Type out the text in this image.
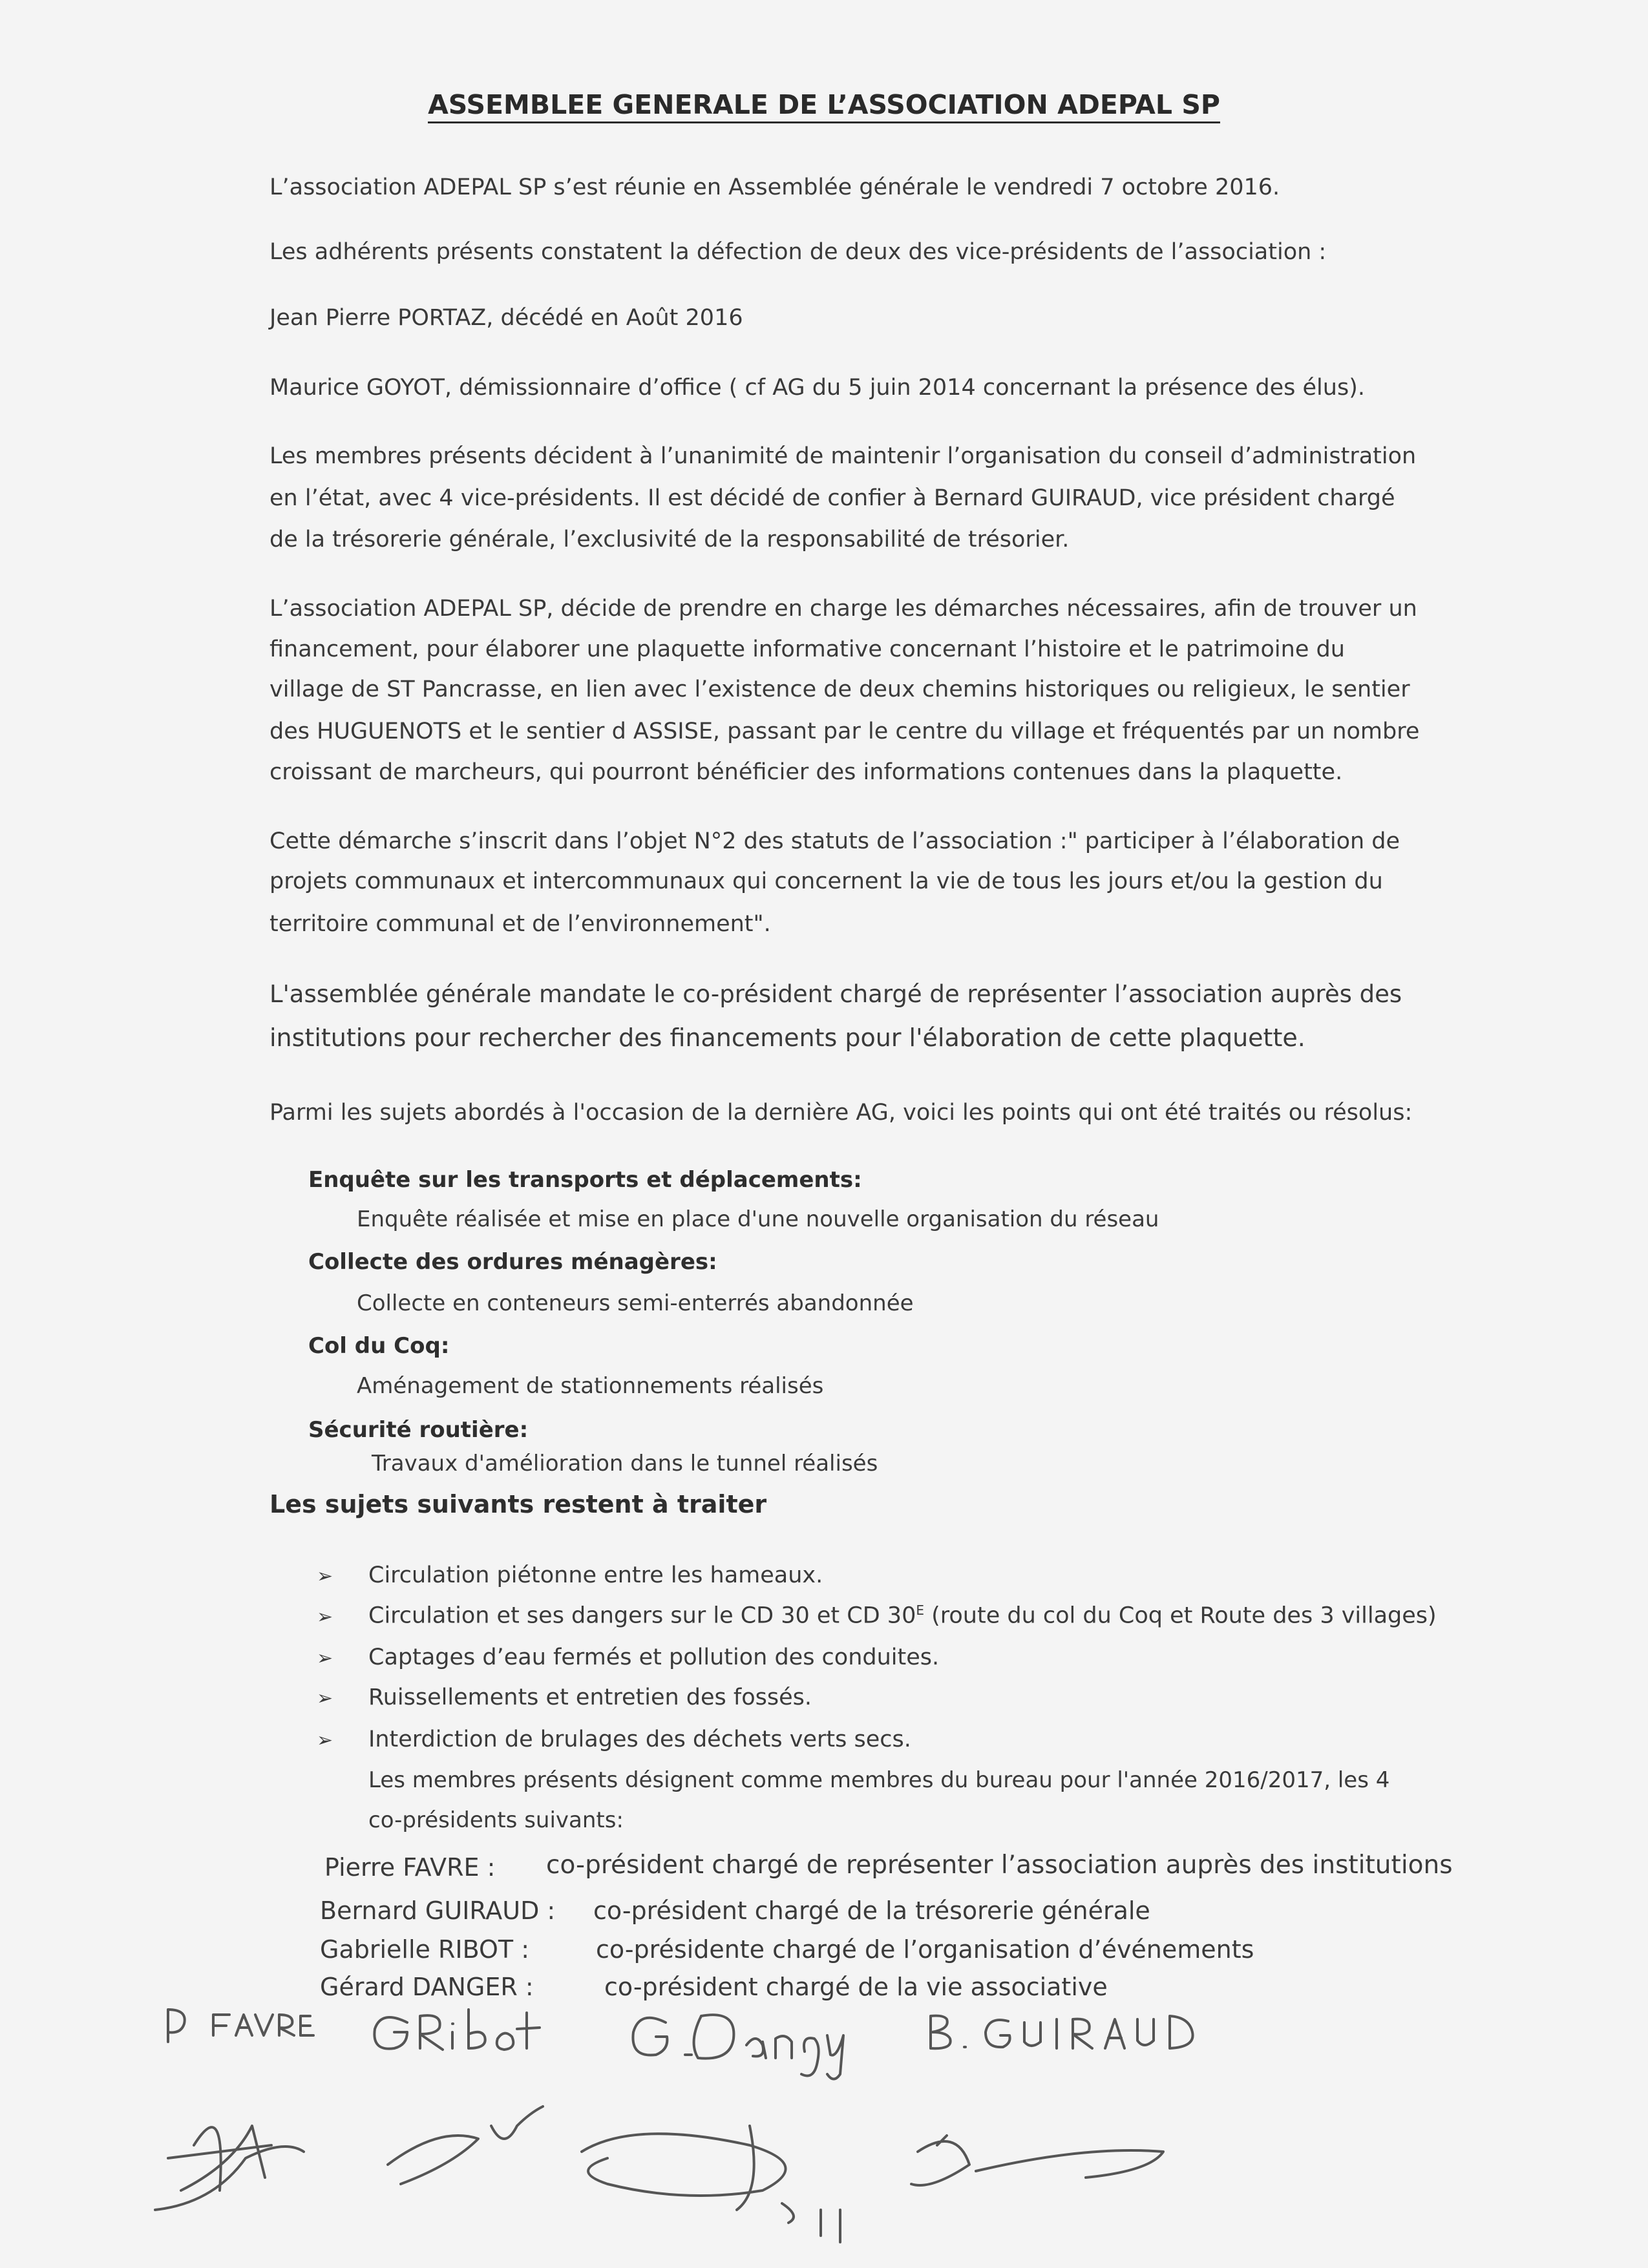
ASSEMBLEE GENERALE DE L’ASSOCIATION ADEPAL SP
L’association ADEPAL SP s’est réunie en Assemblée générale le vendredi 7 octobre 2016.
Les adhérents présents constatent la défection de deux des vice-présidents de l’association :
Jean Pierre PORTAZ, décédé en Août 2016
Maurice GOYOT, démissionnaire d’office ( cf AG du 5 juin 2014 concernant la présence des élus).
Les membres présents décident à l’unanimité de maintenir l’organisation du conseil d’administration
en l’état, avec 4 vice-présidents. Il est décidé de confier à Bernard GUIRAUD, vice président chargé
de la trésorerie générale, l’exclusivité de la responsabilité de trésorier.
L’association ADEPAL SP, décide de prendre en charge les démarches nécessaires, afin de trouver un
financement, pour élaborer une plaquette informative concernant l’histoire et le patrimoine du
village de ST Pancrasse, en lien avec l’existence de deux chemins historiques ou religieux, le sentier
des HUGUENOTS et le sentier d ASSISE, passant par le centre du village et fréquentés par un nombre
croissant de marcheurs, qui pourront bénéficier des informations contenues dans la plaquette.
Cette démarche s’inscrit dans l’objet N°2 des statuts de l’association :" participer à l’élaboration de
projets communaux et intercommunaux qui concernent la vie de tous les jours et/ou la gestion du
territoire communal et de l’environnement".
L'assemblée générale mandate le co-président chargé de représenter l’association auprès des
institutions pour rechercher des financements pour l'élaboration de cette plaquette.
Parmi les sujets abordés à l'occasion de la dernière AG, voici les points qui ont été traités ou résolus:
Enquête sur les transports et déplacements:
Enquête réalisée et mise en place d'une nouvelle organisation du réseau
Collecte des ordures ménagères:
Collecte en conteneurs semi-enterrés abandonnée
Col du Coq:
Aménagement de stationnements réalisés
Sécurité routière:
Travaux d'amélioration dans le tunnel réalisés
Les sujets suivants restent à traiter
➢ Circulation piétonne entre les hameaux.
➢ Circulation et ses dangers sur le CD 30 et CD $30^E$ (route du col du Coq et Route des 3 villages)
➢ Captages d’eau fermés et pollution des conduites.
➢ Ruissellements et entretien des fossés.
➢ Interdiction de brulages des déchets verts secs.
Les membres présents désignent comme membres du bureau pour l'année 2016/2017, les 4
co-présidents suivants:
Pierre FAVRE : co-président chargé de représenter l’association auprès des institutions
Bernard GUIRAUD : co-président chargé de la trésorerie générale
Gabrielle RIBOT :	co-présidente chargé de l’organisation d’événements
Gérard DANGER :	co-président chargé de la vie associative
P FAVRE	G Ribot	G Dangy	B. GUIRAUD
